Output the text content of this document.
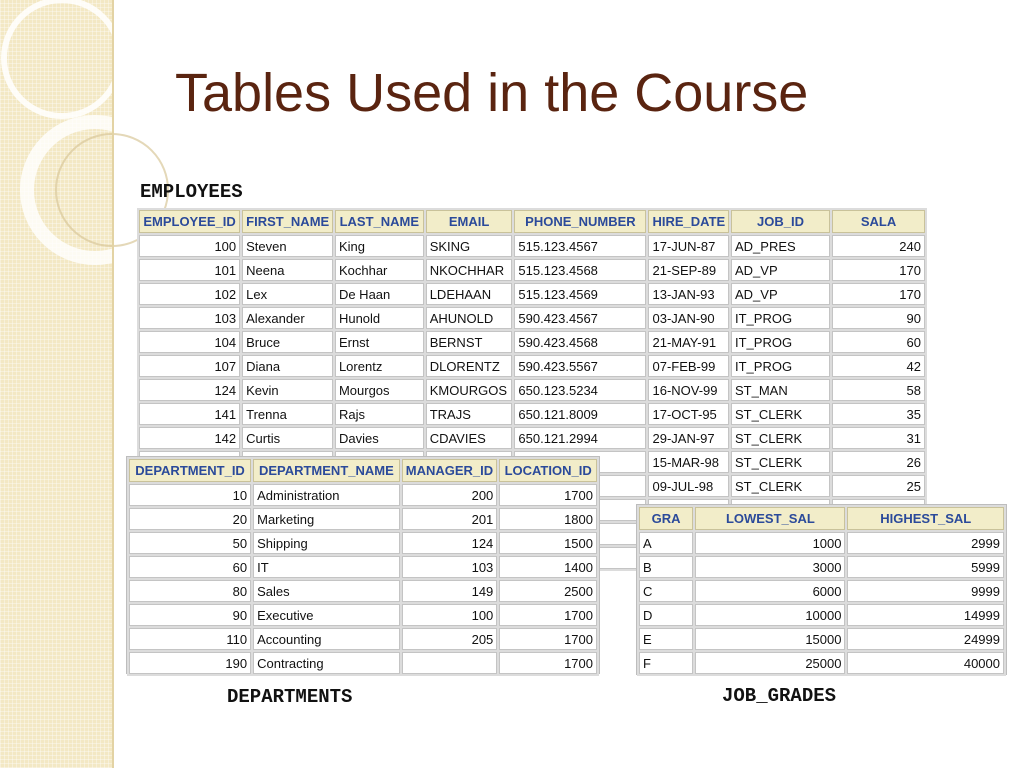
Tables Used in the Course
EMPLOYEES
EMPLOYEE_ID	FIRST_NAME	LAST_NAME	EMAIL	PHONE_NUMBER	HIRE_DATE	JOB_ID	SALA
100	Steven	King	SKING	515.123.4567	17-JUN-87	AD_PRES	240
101	Neena	Kochhar	NKOCHHAR	515.123.4568	21-SEP-89	AD_VP	170
102	Lex	De Haan	LDEHAAN	515.123.4569	13-JAN-93	AD_VP	170
103	Alexander	Hunold	AHUNOLD	590.423.4567	03-JAN-90	IT_PROG	90
104	Bruce	Ernst	BERNST	590.423.4568	21-MAY-91	IT_PROG	60
107	Diana	Lorentz	DLORENTZ	590.423.5567	07-FEB-99	IT_PROG	42
124	Kevin	Mourgos	KMOURGOS	650.123.5234	16-NOV-99	ST_MAN	58
141	Trenna	Rajs	TRAJS	650.121.8009	17-OCT-95	ST_CLERK	35
142	Curtis	Davies	CDAVIES	650.121.2994	29-JAN-97	ST_CLERK	31
					15-MAR-98	ST_CLERK	26
					09-JUL-98	ST_CLERK	25

DEPARTMENT_ID	DEPARTMENT_NAME	MANAGER_ID	LOCATION_ID
10	Administration	200	1700
20	Marketing	201	1800
50	Shipping	124	1500
60	IT	103	1400
80	Sales	149	2500
90	Executive	100	1700
110	Accounting	205	1700
190	Contracting		1700
DEPARTMENTS
GRA	LOWEST_SAL	HIGHEST_SAL
A	1000	2999
B	3000	5999
C	6000	9999
D	10000	14999
E	15000	24999
F	25000	40000
JOB_GRADES
